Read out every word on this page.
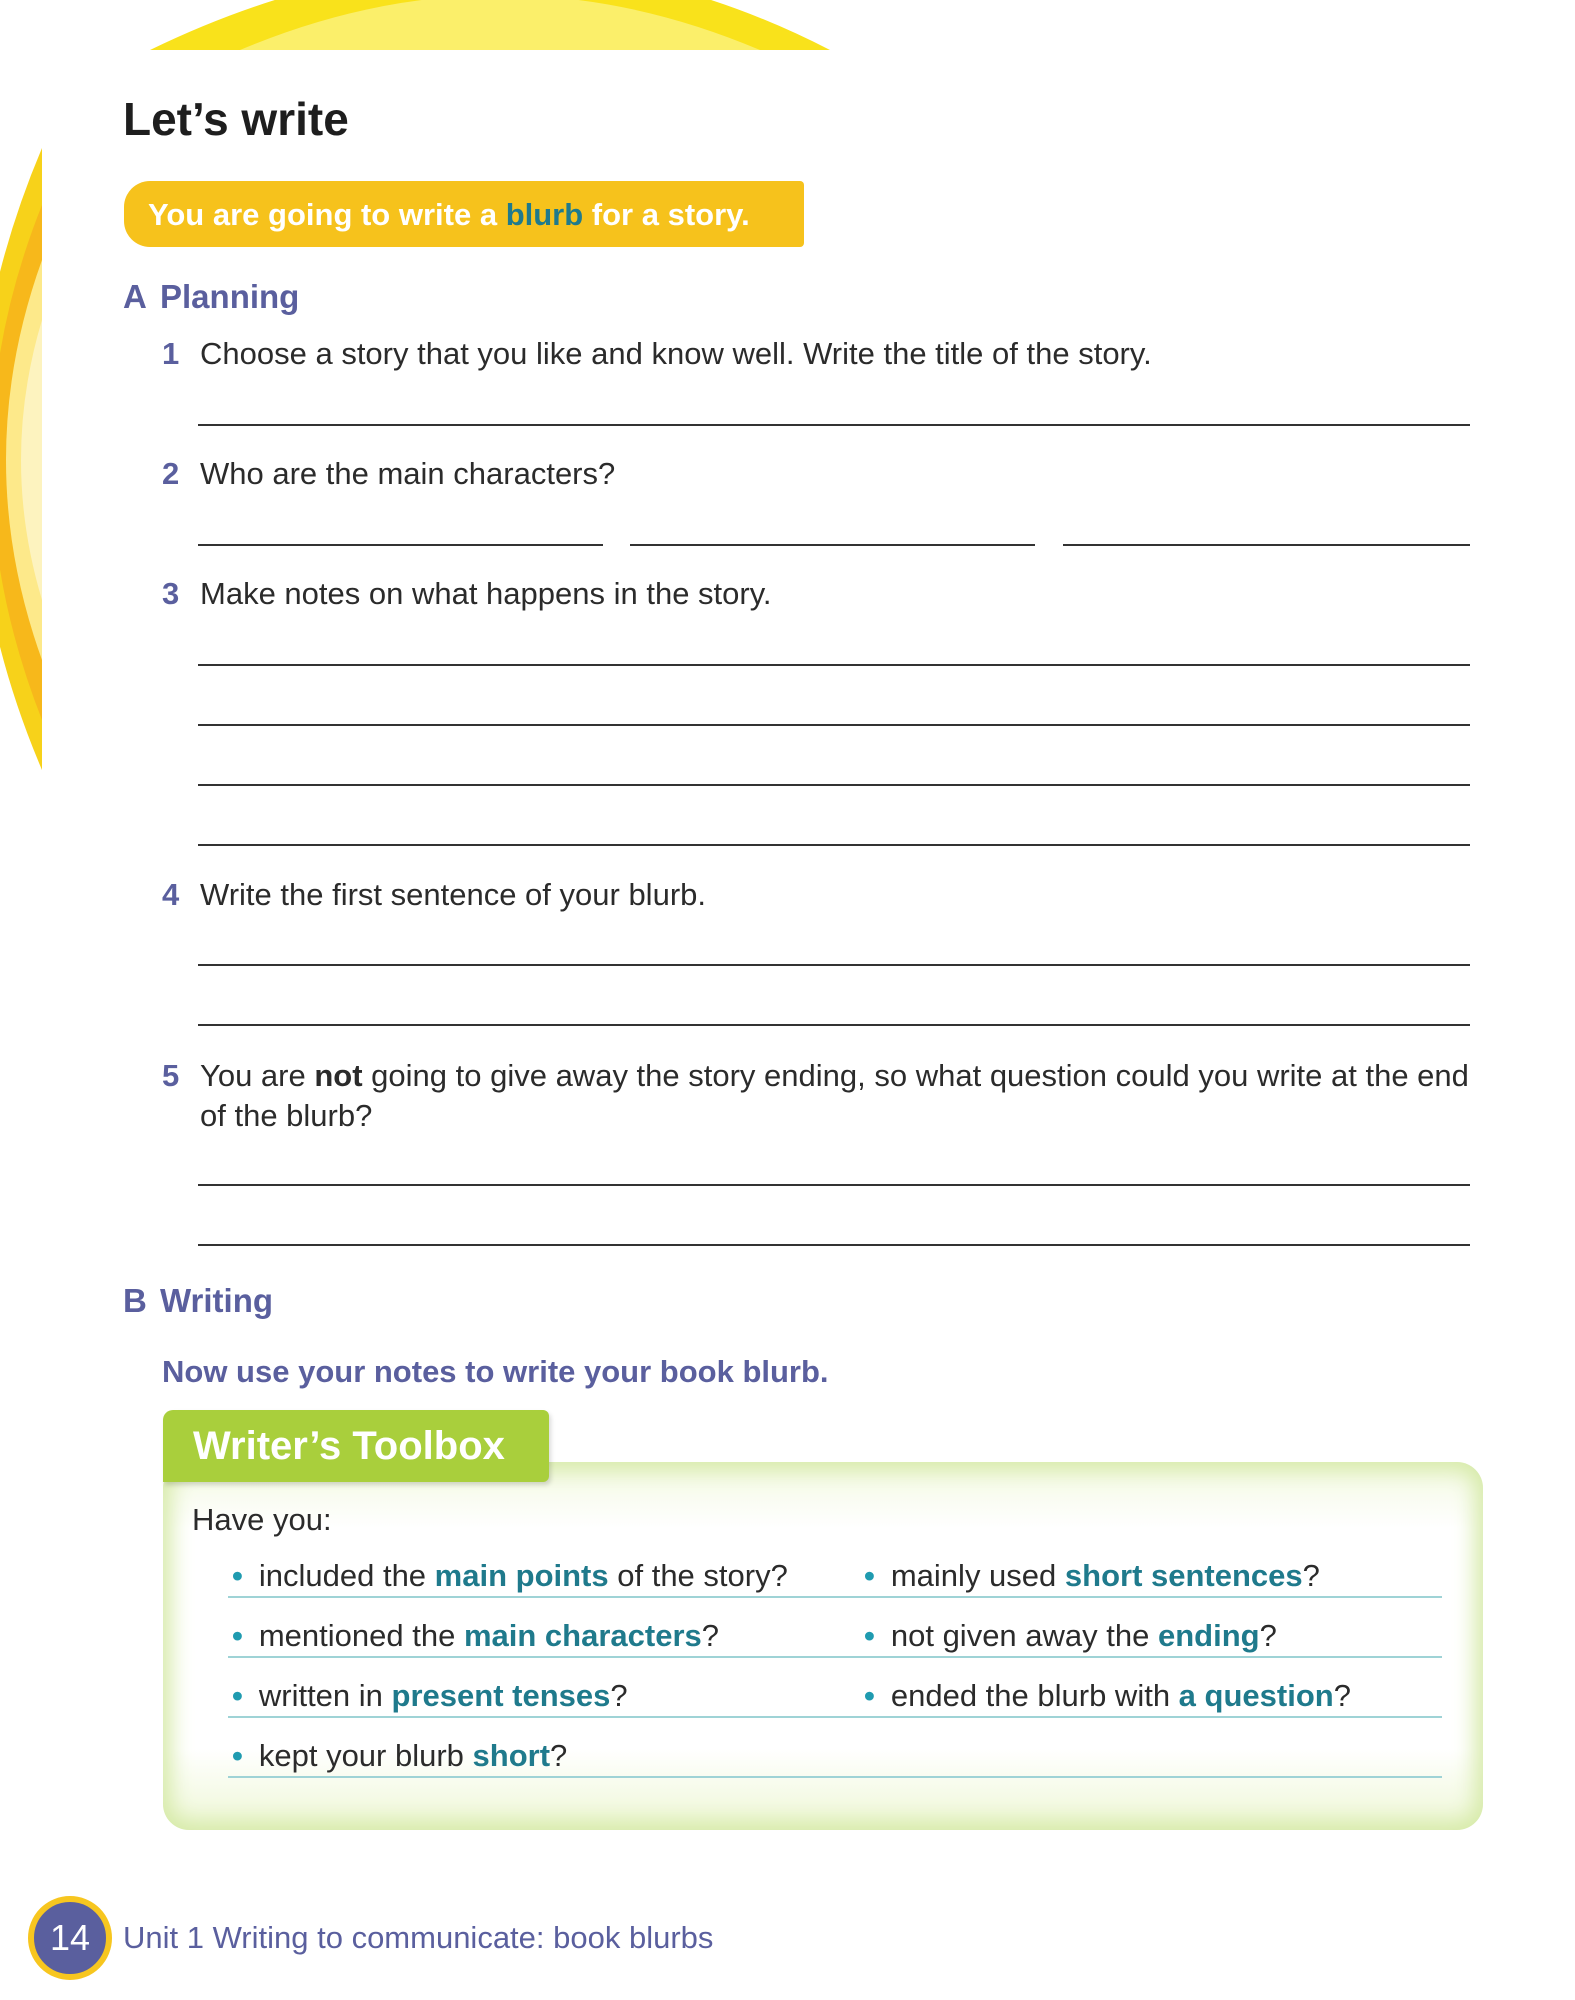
Let’s write
You are going to write a blurb for a story.
A Planning
1 Choose a story that you like and know well. Write the title of the story.
2 Who are the main characters?
3 Make notes on what happens in the story.
4 Write the first sentence of your blurb.
5 You are not going to give away the story ending, so what question could you write at the end of the blurb?
B Writing
Now use your notes to write your book blurb.
Writer’s Toolbox
Have you:
• included the main points of the story? • mainly used short sentences?
• mentioned the main characters?	• not given away the ending?
• written in present tenses?	• ended the blurb with a question?
• kept your blurb short?
14	Unit 1 Writing to communicate: book blurbs
